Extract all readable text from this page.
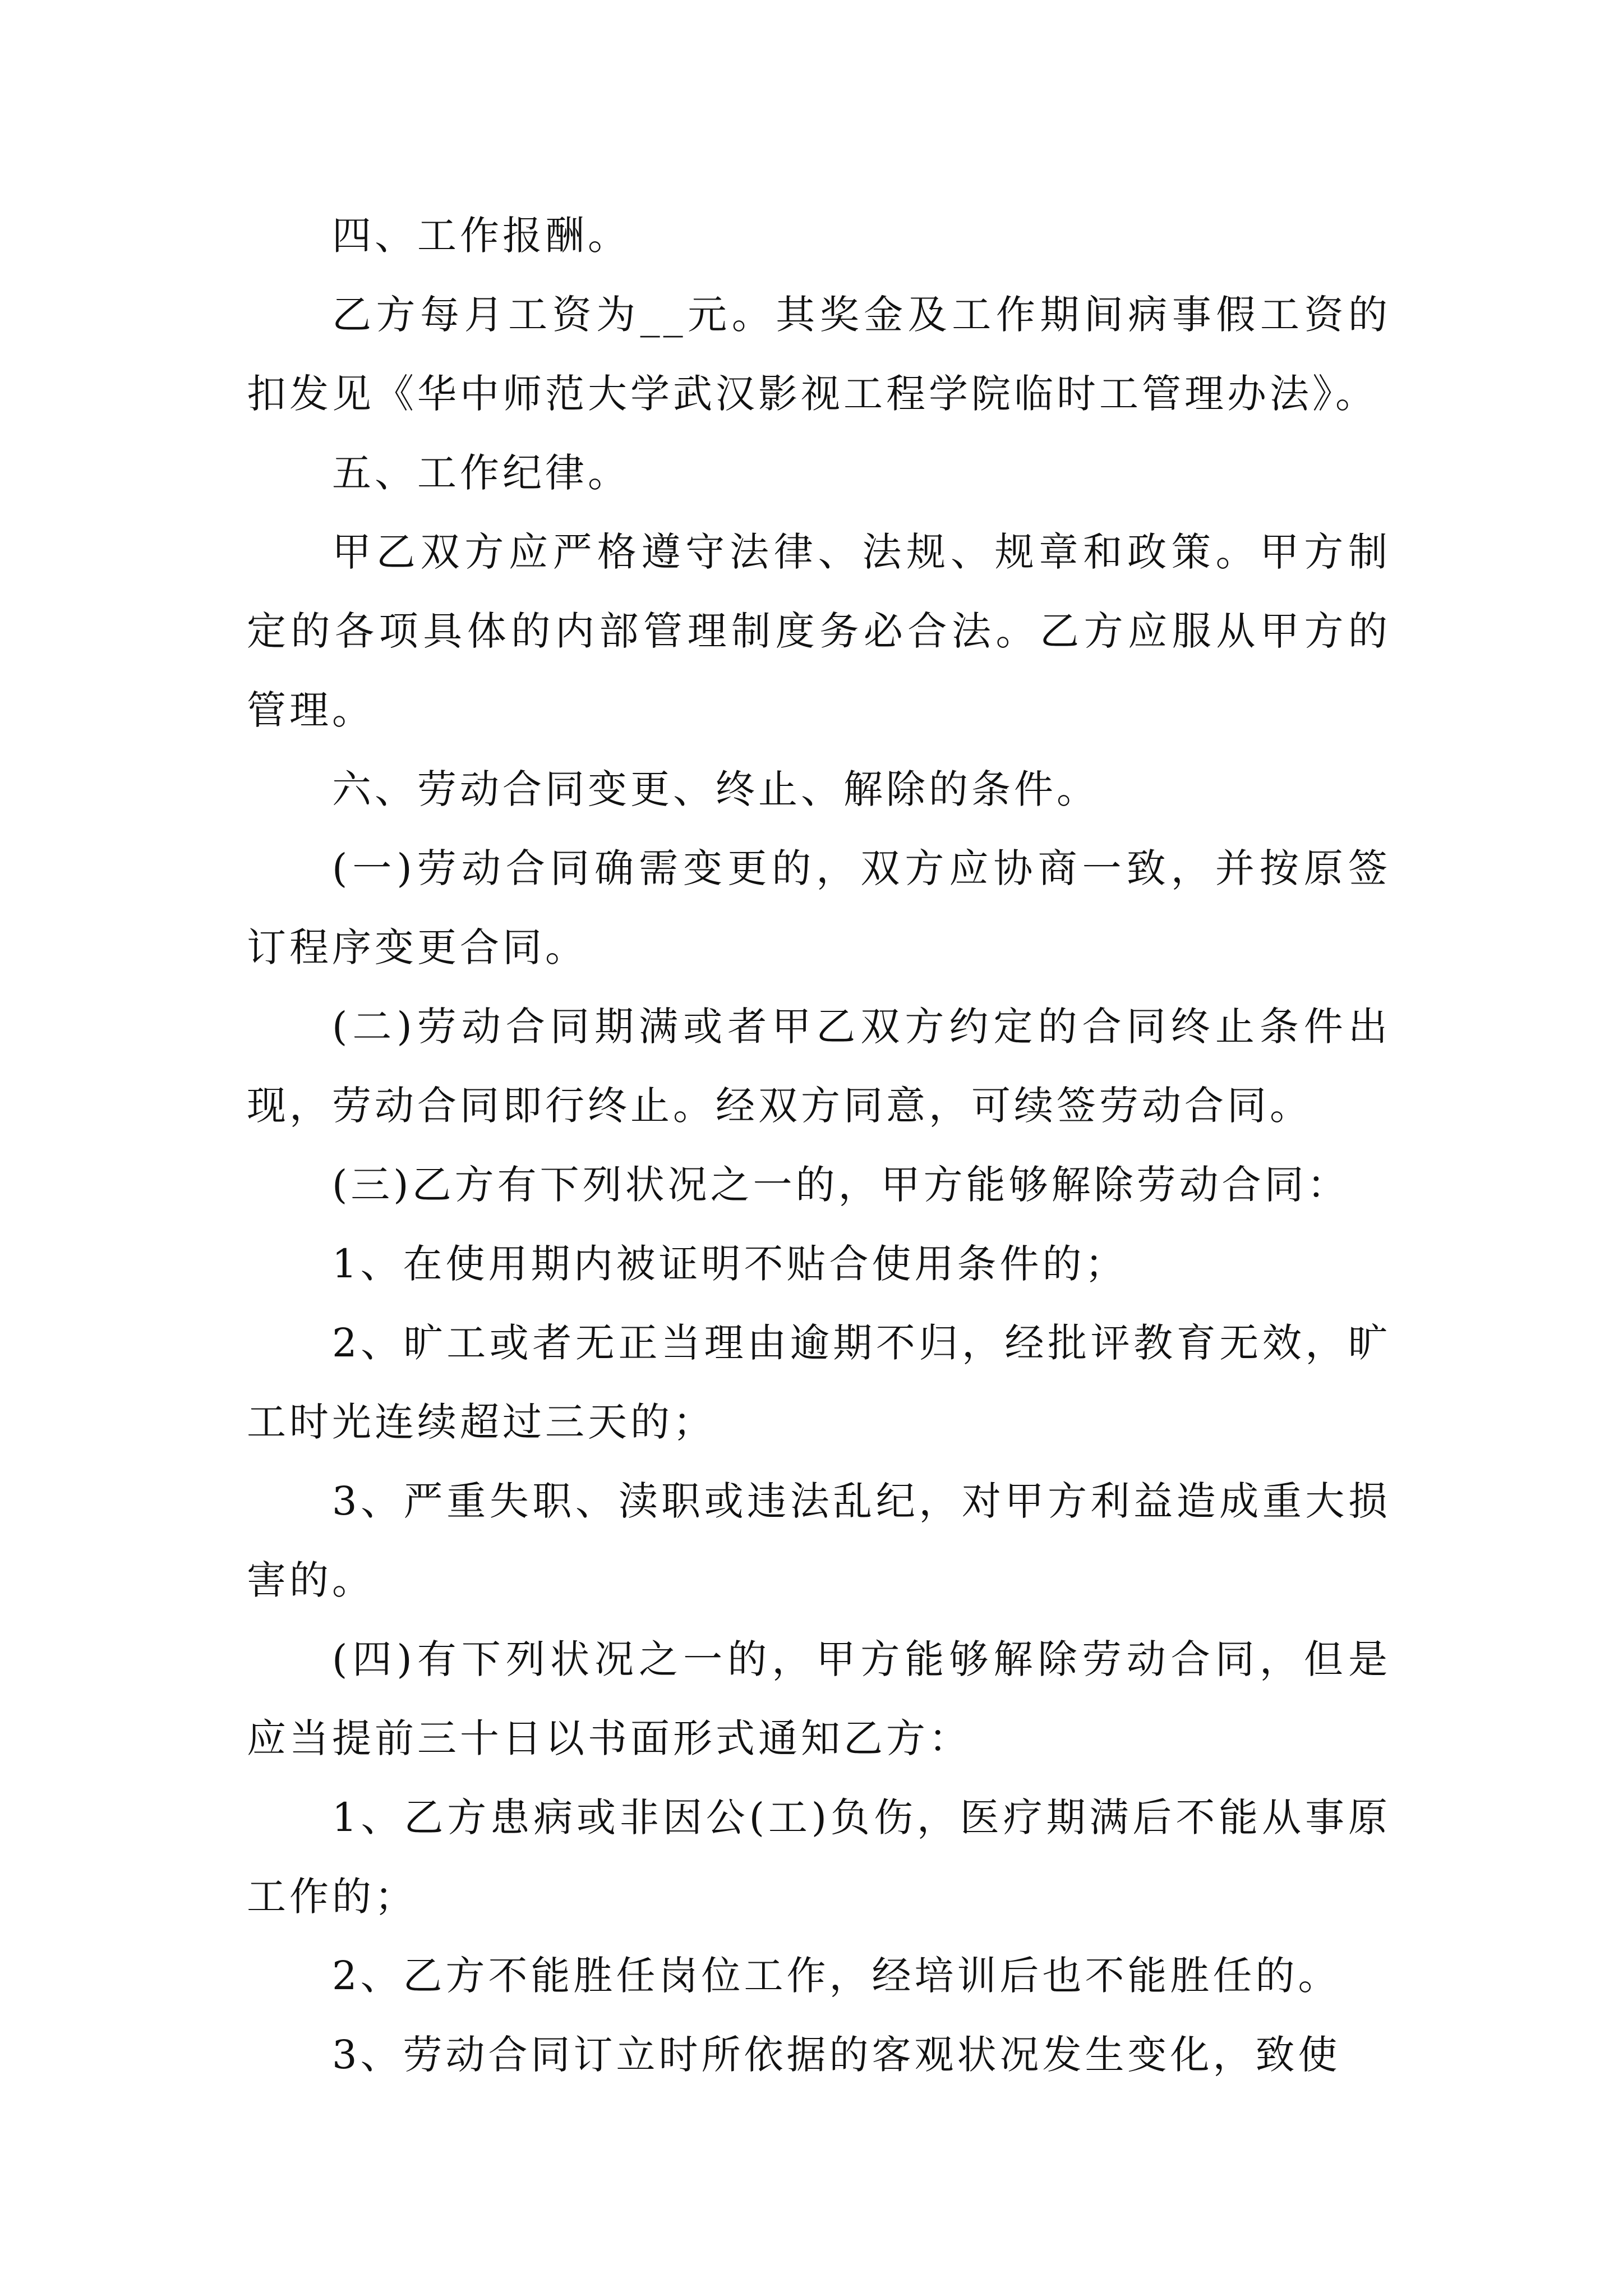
四、工作报酬。

乙方每月工资为__元。其奖金及工作期间病事假工资的扣发见《华中师范大学武汉影视工程学院临时工管理办法》。

五、工作纪律。

甲乙双方应严格遵守法律、法规、规章和政策。甲方制定的各项具体的内部管理制度务必合法。乙方应服从甲方的管理。

六、劳动合同变更、终止、解除的条件。

(一)劳动合同确需变更的，双方应协商一致，并按原签订程序变更合同。

(二)劳动合同期满或者甲乙双方约定的合同终止条件出现，劳动合同即行终止。经双方同意，可续签劳动合同。

(三)乙方有下列状况之一的，甲方能够解除劳动合同：

1、在使用期内被证明不贴合使用条件的；

2、旷工或者无正当理由逾期不归，经批评教育无效，旷工时光连续超过三天的；

3、严重失职、渎职或违法乱纪，对甲方利益造成重大损害的。

(四)有下列状况之一的，甲方能够解除劳动合同，但是应当提前三十日以书面形式通知乙方：

1、乙方患病或非因公(工)负伤，医疗期满后不能从事原工作的；

2、乙方不能胜任岗位工作，经培训后也不能胜任的。

3、劳动合同订立时所依据的客观状况发生变化，致使
